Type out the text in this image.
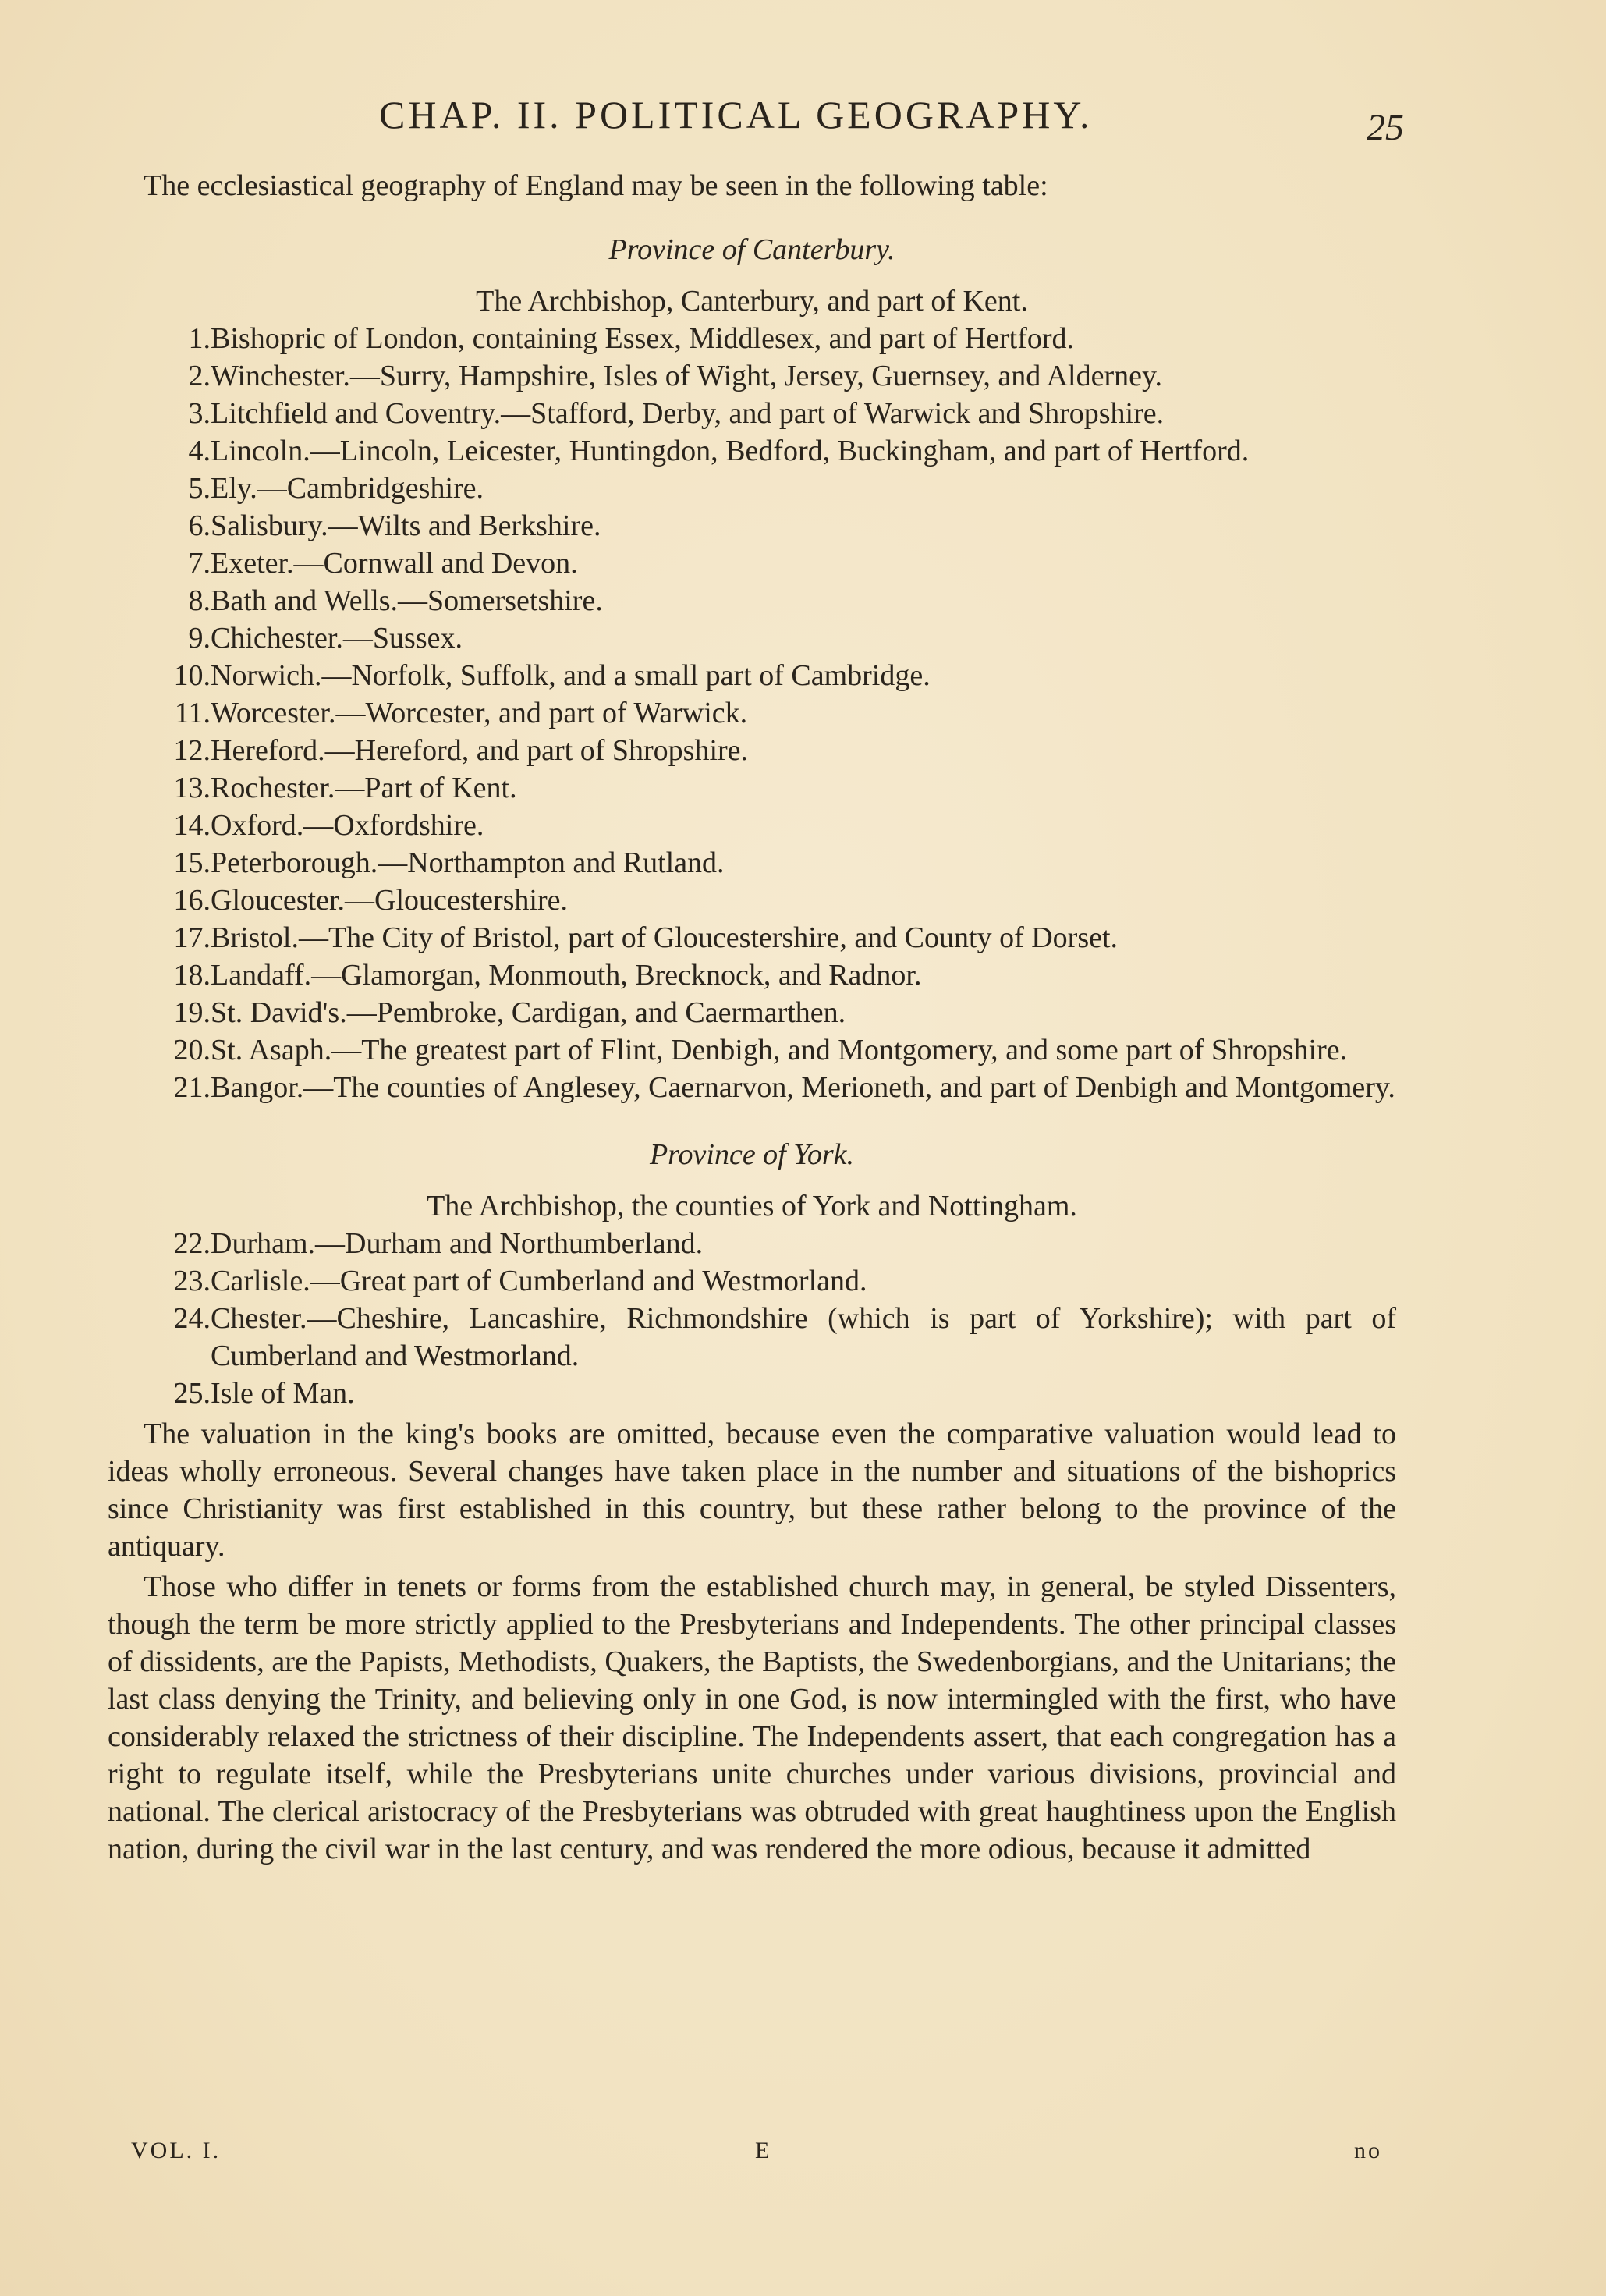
CHAP. II. POLITICAL GEOGRAPHY.	25

The ecclesiastical geography of England may be seen in the following table:

Province of Canterbury.

The Archbishop, Canterbury, and part of Kent.

1.Bishopric of London, containing Essex, Middlesex, and part of Hertford.

2.Winchester.—Surry, Hampshire, Isles of Wight, Jersey, Guernsey, and Alderney.

3.Litchfield and Coventry.—Stafford, Derby, and part of Warwick and Shropshire.

4.Lincoln.—Lincoln, Leicester, Huntingdon, Bedford, Buckingham, and part of Hertford.

5.Ely.—Cambridgeshire.

6.Salisbury.—Wilts and Berkshire.

7.Exeter.—Cornwall and Devon.

8.Bath and Wells.—Somersetshire.

9.Chichester.—Sussex.

10.Norwich.—Norfolk, Suffolk, and a small part of Cambridge.

11.Worcester.—Worcester, and part of Warwick.

12.Hereford.—Hereford, and part of Shropshire.

13.Rochester.—Part of Kent.

14.Oxford.—Oxfordshire.

15.Peterborough.—Northampton and Rutland.

16.Gloucester.—Gloucestershire.

17.Bristol.—The City of Bristol, part of Gloucestershire, and County of Dorset.

18.Landaff.—Glamorgan, Monmouth, Brecknock, and Radnor.

19.St. David's.—Pembroke, Cardigan, and Caermarthen.

20.St. Asaph.—The greatest part of Flint, Denbigh, and Montgomery, and some part of Shropshire.

21.Bangor.—The counties of Anglesey, Caernarvon, Merioneth, and part of Denbigh and Montgomery.

Province of York.

The Archbishop, the counties of York and Nottingham.

22.Durham.—Durham and Northumberland.

23.Carlisle.—Great part of Cumberland and Westmorland.

24.Chester.—Cheshire, Lancashire, Richmondshire (which is part of Yorkshire); with part of Cumberland and Westmorland.

25.Isle of Man.

The valuation in the king's books are omitted, because even the comparative valuation would lead to ideas wholly erroneous. Several changes have taken place in the number and situations of the bishoprics since Christianity was first established in this country, but these rather belong to the province of the antiquary.

Those who differ in tenets or forms from the established church may, in general, be styled Dissenters, though the term be more strictly applied to the Presbyterians and Independents. The other principal classes of dissidents, are the Papists, Methodists, Quakers, the Baptists, the Swedenborgians, and the Unitarians; the last class denying the Trinity, and believing only in one God, is now intermingled with the first, who have considerably relaxed the strictness of their discipline. The Independents assert, that each congregation has a right to regulate itself, while the Presbyterians unite churches under various divisions, provincial and national. The clerical aristocracy of the Presbyterians was obtruded with great haughtiness upon the English nation, during the civil war in the last century, and was rendered the more odious, because it admitted

VOL. I.	E	no
